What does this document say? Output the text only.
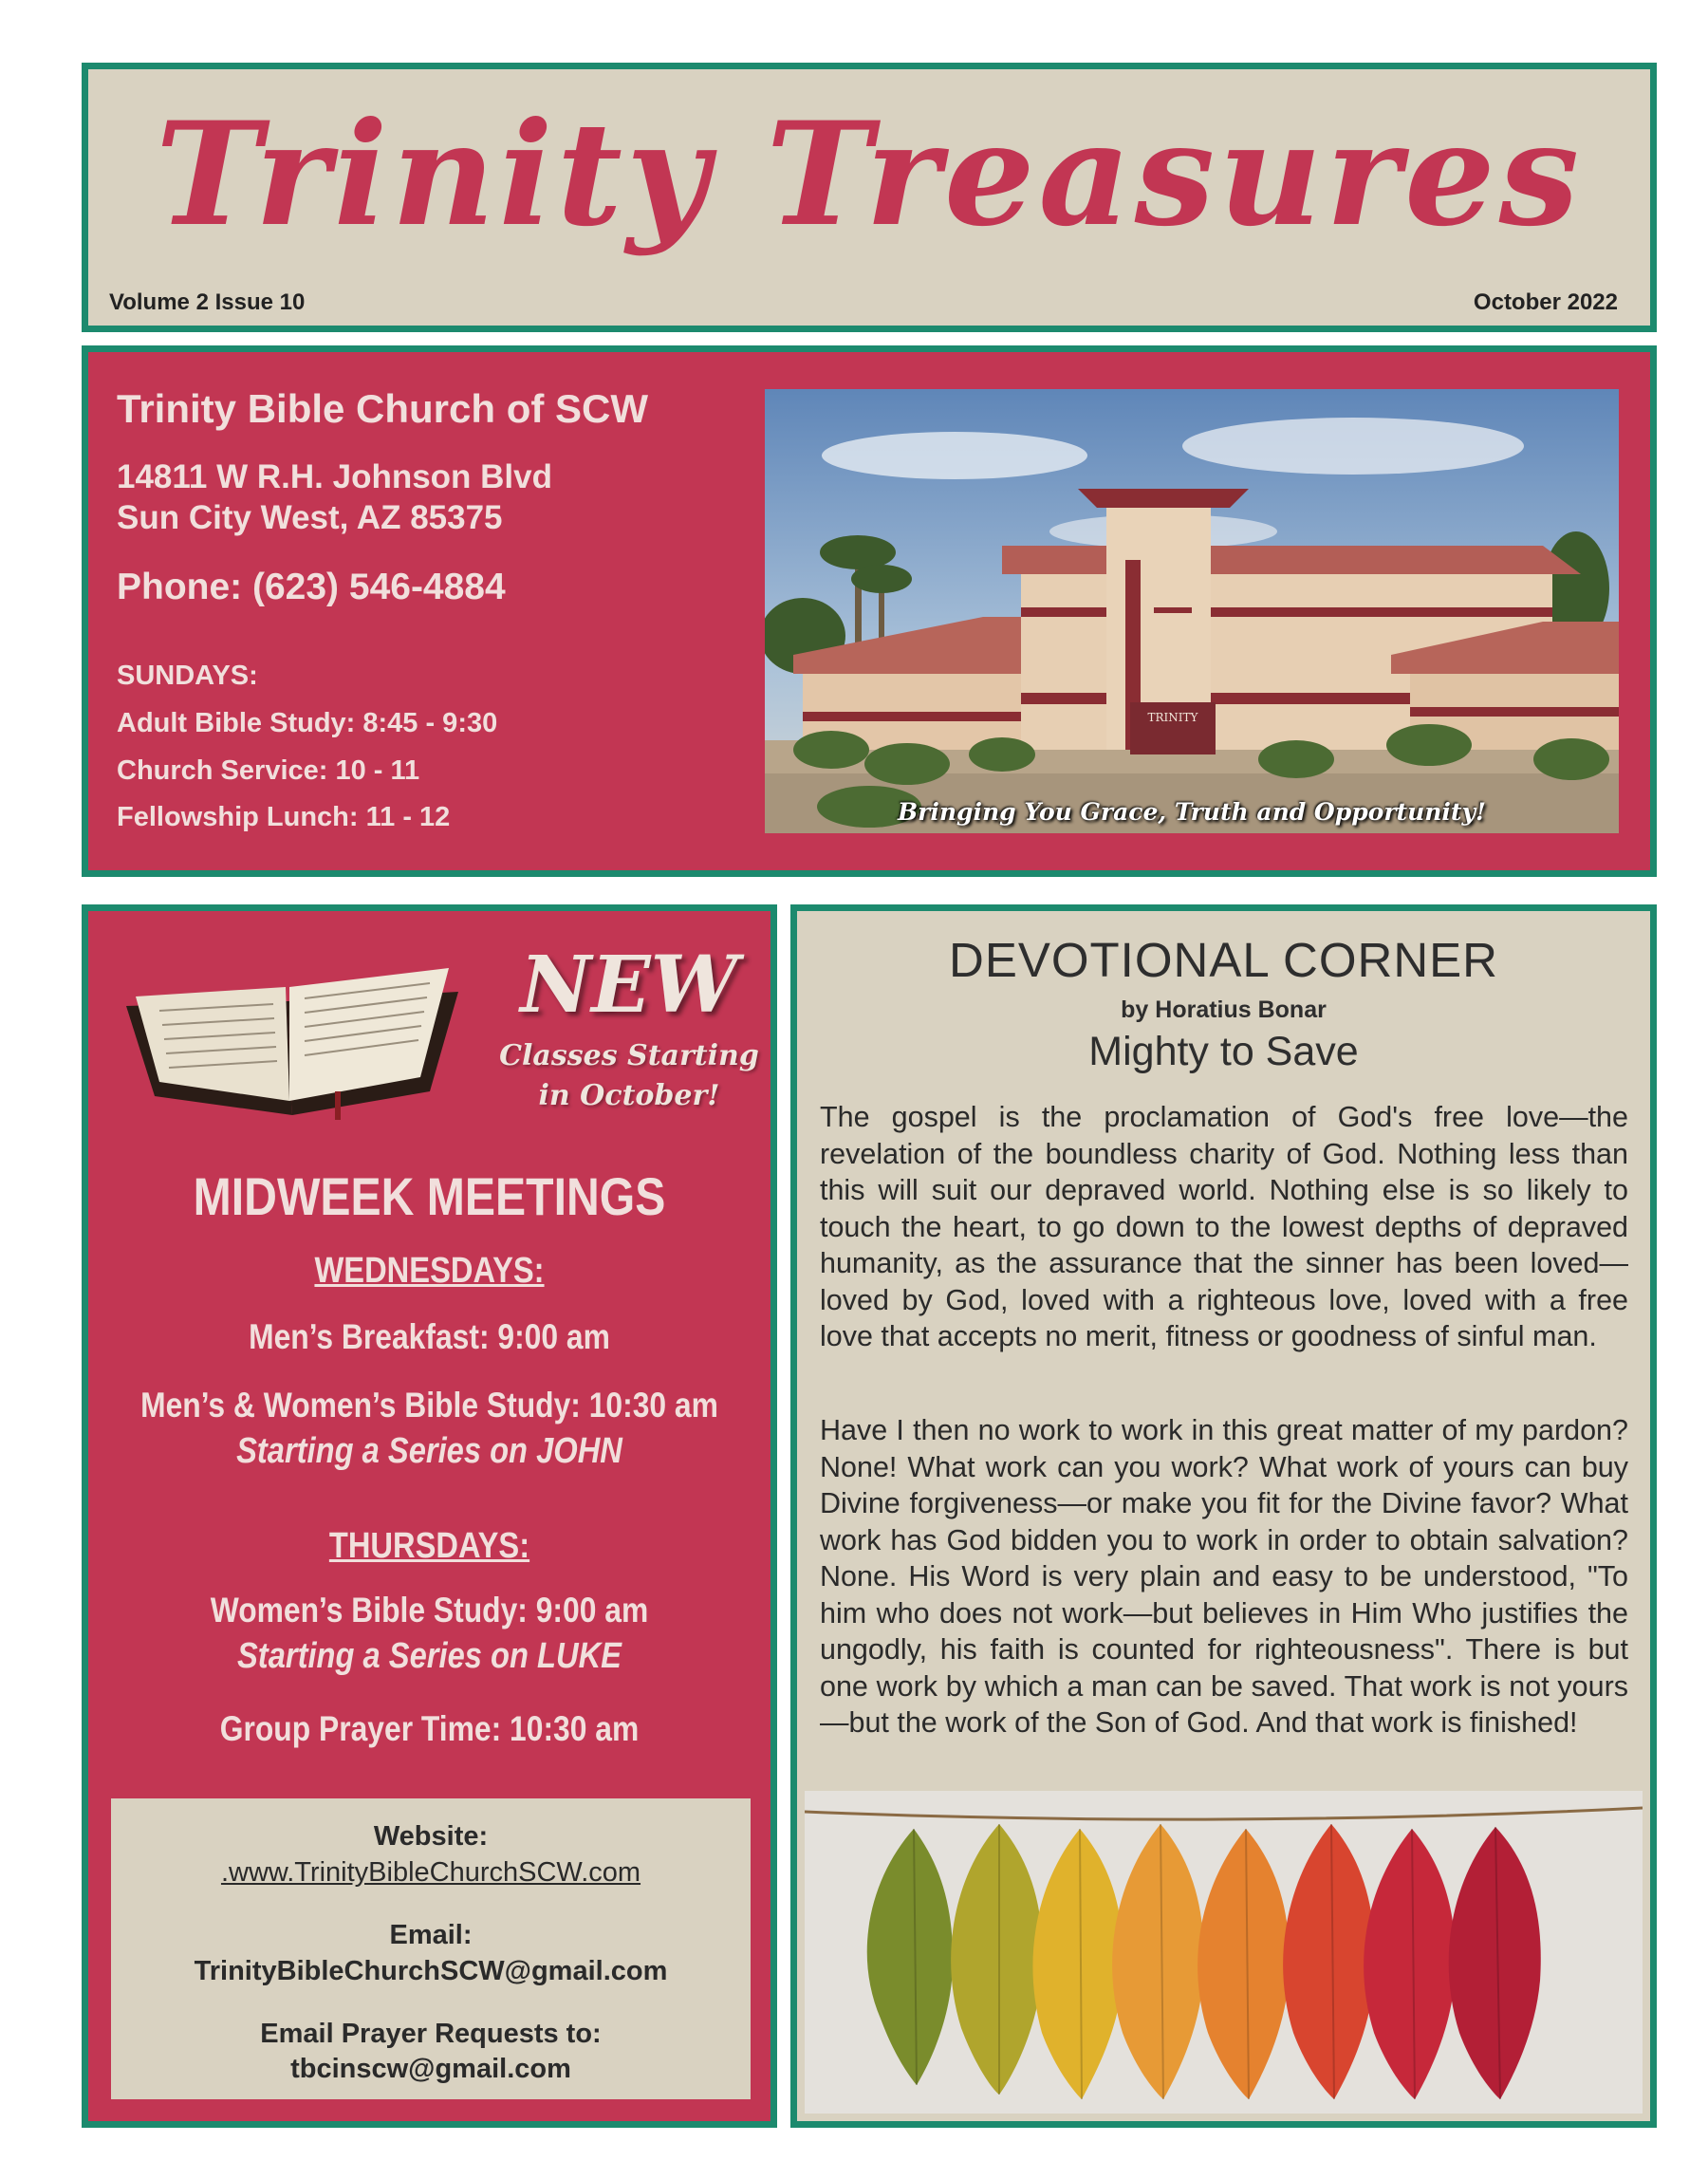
Trinity Treasures
Volume 2 Issue 10	October 2022
Trinity Bible Church of SCW
14811 W R.H. Johnson Blvd
Sun City West, AZ 85375
Phone: (623) 546-4884
SUNDAYS:
Adult Bible Study: 8:45 - 9:30
Church Service: 10 - 11
Fellowship Lunch: 11 - 12
TRINITY
Bringing You Grace, Truth and Opportunity!
NEW
Classes Starting
in October!
MIDWEEK MEETINGS
WEDNESDAYS:
Men’s Breakfast: 9:00 am
Men’s & Women’s Bible Study: 10:30 am
Starting a Series on JOHN
THURSDAYS:
Women’s Bible Study: 9:00 am
Starting a Series on LUKE
Group Prayer Time: 10:30 am
Website:
.www.TrinityBibleChurchSCW.com
Email:
TrinityBibleChurchSCW@gmail.com
Email Prayer Requests to:
tbcinscw@gmail.com
DEVOTIONAL CORNER
by Horatius Bonar
Mighty to Save
The gospel is the proclamation of God's free love—the revelation of the boundless charity of God. Nothing less than this will suit our depraved world. Nothing else is so likely to touch the heart, to go down to the lowest depths of depraved humanity, as the assurance that the sinner has been loved—loved by God, loved with a righteous love, loved with a free love that accepts no merit, fitness or goodness of sinful man.
Have I then no work to work in this great matter of my pardon? None! What work can you work? What work of yours can buy Divine forgiveness—or make you fit for the Divine favor? What work has God bidden you to work in order to obtain salvation? None. His Word is very plain and easy to be understood, "To him who does not work—but believes in Him Who justifies the ungodly, his faith is counted for righteousness". There is but one work by which a man can be saved. That work is not yours—but the work of the Son of God. And that work is finished!
